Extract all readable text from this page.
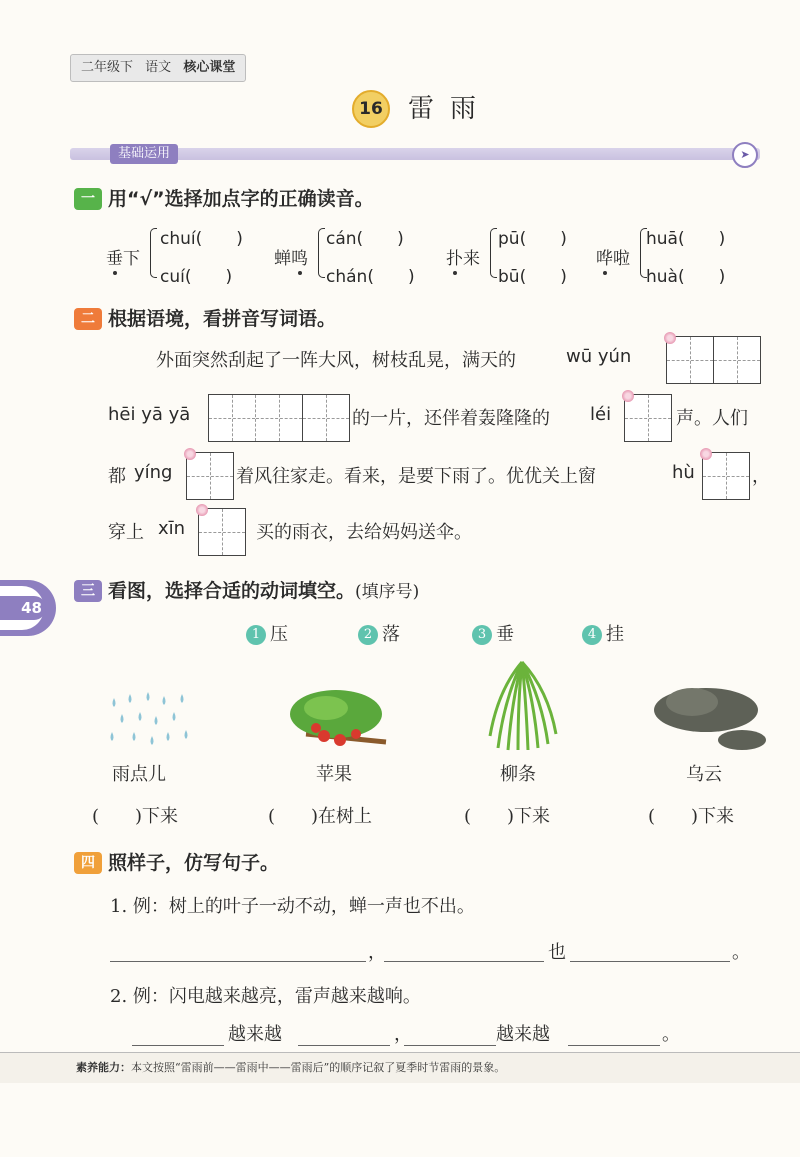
二年级下 语文 核心课堂
16 雷雨
基础运用	➤
一 用“√”选择加点字的正确读音。
垂下
chuí(　　)
cuí(　　)
蝉鸣
cán(　　)
chán(　　)
扑来
pū(　　)
bū(　　)
哗啦
huā(　　)
huà(　　)
二 根据语境，看拼音写词语。
外面突然刮起了一阵大风，树枝乱晃，满天的	wū yún
hēi yā yā	的一片，还伴着轰隆隆的 léi	声。人们
都 yíng	着风往家走。看来，是要下雨了。优优关上窗	hù	，
穿上 xīn	买的雨衣，去给妈妈送伞。
48
三 看图，选择合适的动词填空。(填序号)
1 压	2 落	3 垂	4 挂
雨点儿	苹果	柳条	乌云
(　　)下来	(　　)在树上	(　　)下来	(　　)下来
四 照样子，仿写句子。
1. 例：树上的叶子一动不动，蝉一声也不出。
，	也	。
2. 例：闪电越来越亮，雷声越来越响。
越来越	，	越来越	。
素养能力：本文按照“雷雨前——雷雨中——雷雨后”的顺序记叙了夏季时节雷雨的景象。
